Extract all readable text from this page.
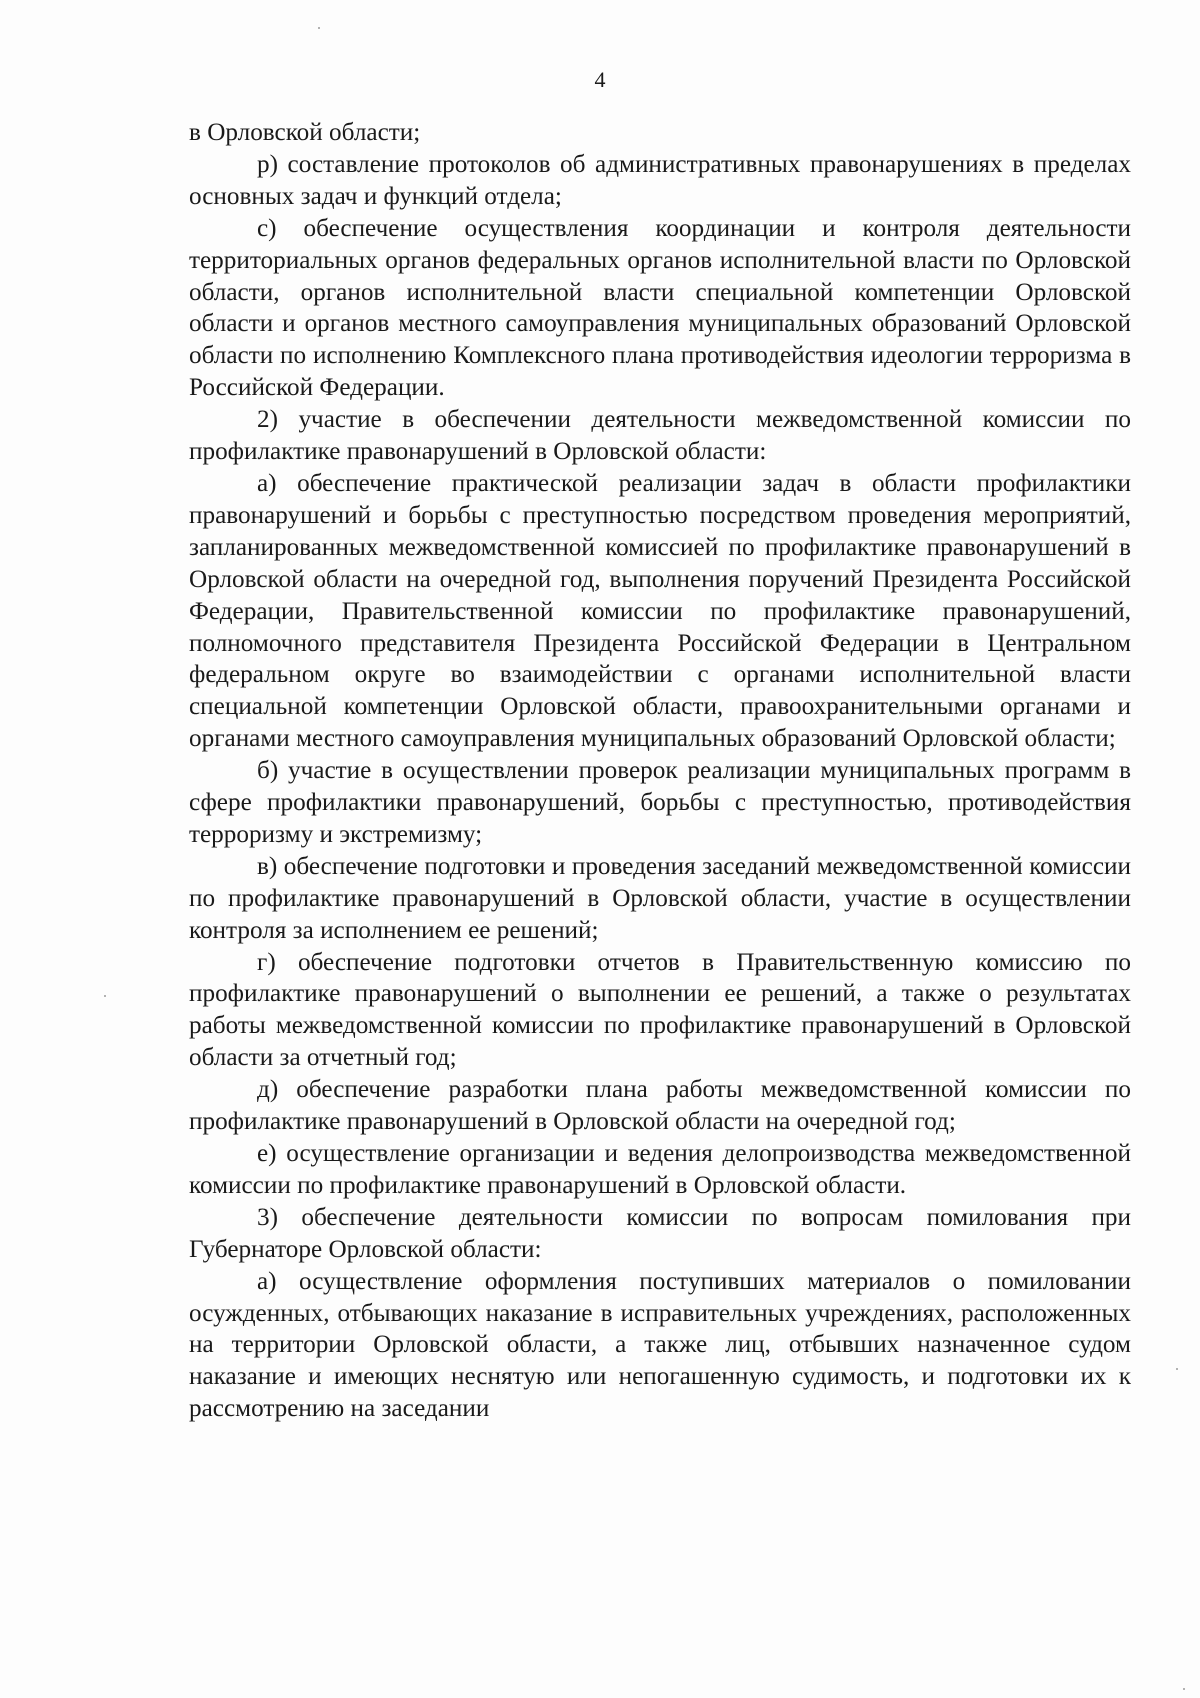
4

в Орловской области;

р) составление протоколов об административных правонарушениях в пределах основных задач и функций отдела;

с) обеспечение осуществления координации и контроля деятельности территориальных органов федеральных органов исполнительной власти по Орловской области, органов исполнительной власти специальной компетенции Орловской области и органов местного самоуправления муниципальных образований Орловской области по исполнению Комплексного плана противодействия идеологии терроризма в Российской Федерации.

2) участие в обеспечении деятельности межведомственной комиссии по профилактике правонарушений в Орловской области:

а) обеспечение практической реализации задач в области профилактики правонарушений и борьбы с преступностью посредством проведения мероприятий, запланированных межведомственной комиссией по профилактике правонарушений в Орловской области на очередной год, выполнения поручений Президента Российской Федерации, Правительственной комиссии по профилактике правонарушений, полномочного представителя Президента Российской Федерации в Центральном федеральном округе во взаимодействии с органами исполнительной власти специальной компетенции Орловской области, правоохранительными органами и органами местного самоуправления муниципальных образований Орловской области;

б) участие в осуществлении проверок реализации муниципальных программ в сфере профилактики правонарушений, борьбы с преступностью, противодействия терроризму и экстремизму;

в) обеспечение подготовки и проведения заседаний межведомственной комиссии по профилактике правонарушений в Орловской области, участие в осуществлении контроля за исполнением ее решений;

г) обеспечение подготовки отчетов в Правительственную комиссию по профилактике правонарушений о выполнении ее решений, а также о результатах работы межведомственной комиссии по профилактике правонарушений в Орловской области за отчетный год;

д) обеспечение разработки плана работы межведомственной комиссии по профилактике правонарушений в Орловской области на очередной год;

е) осуществление организации и ведения делопроизводства межведомственной комиссии по профилактике правонарушений в Орловской области.

3) обеспечение деятельности комиссии по вопросам помилования при Губернаторе Орловской области:

а) осуществление оформления поступивших материалов о помиловании осужденных, отбывающих наказание в исправительных учреждениях, расположенных на территории Орловской области, а также лиц, отбывших назначенное судом наказание и имеющих неснятую или непогашенную судимость, и подготовки их к рассмотрению на заседании
